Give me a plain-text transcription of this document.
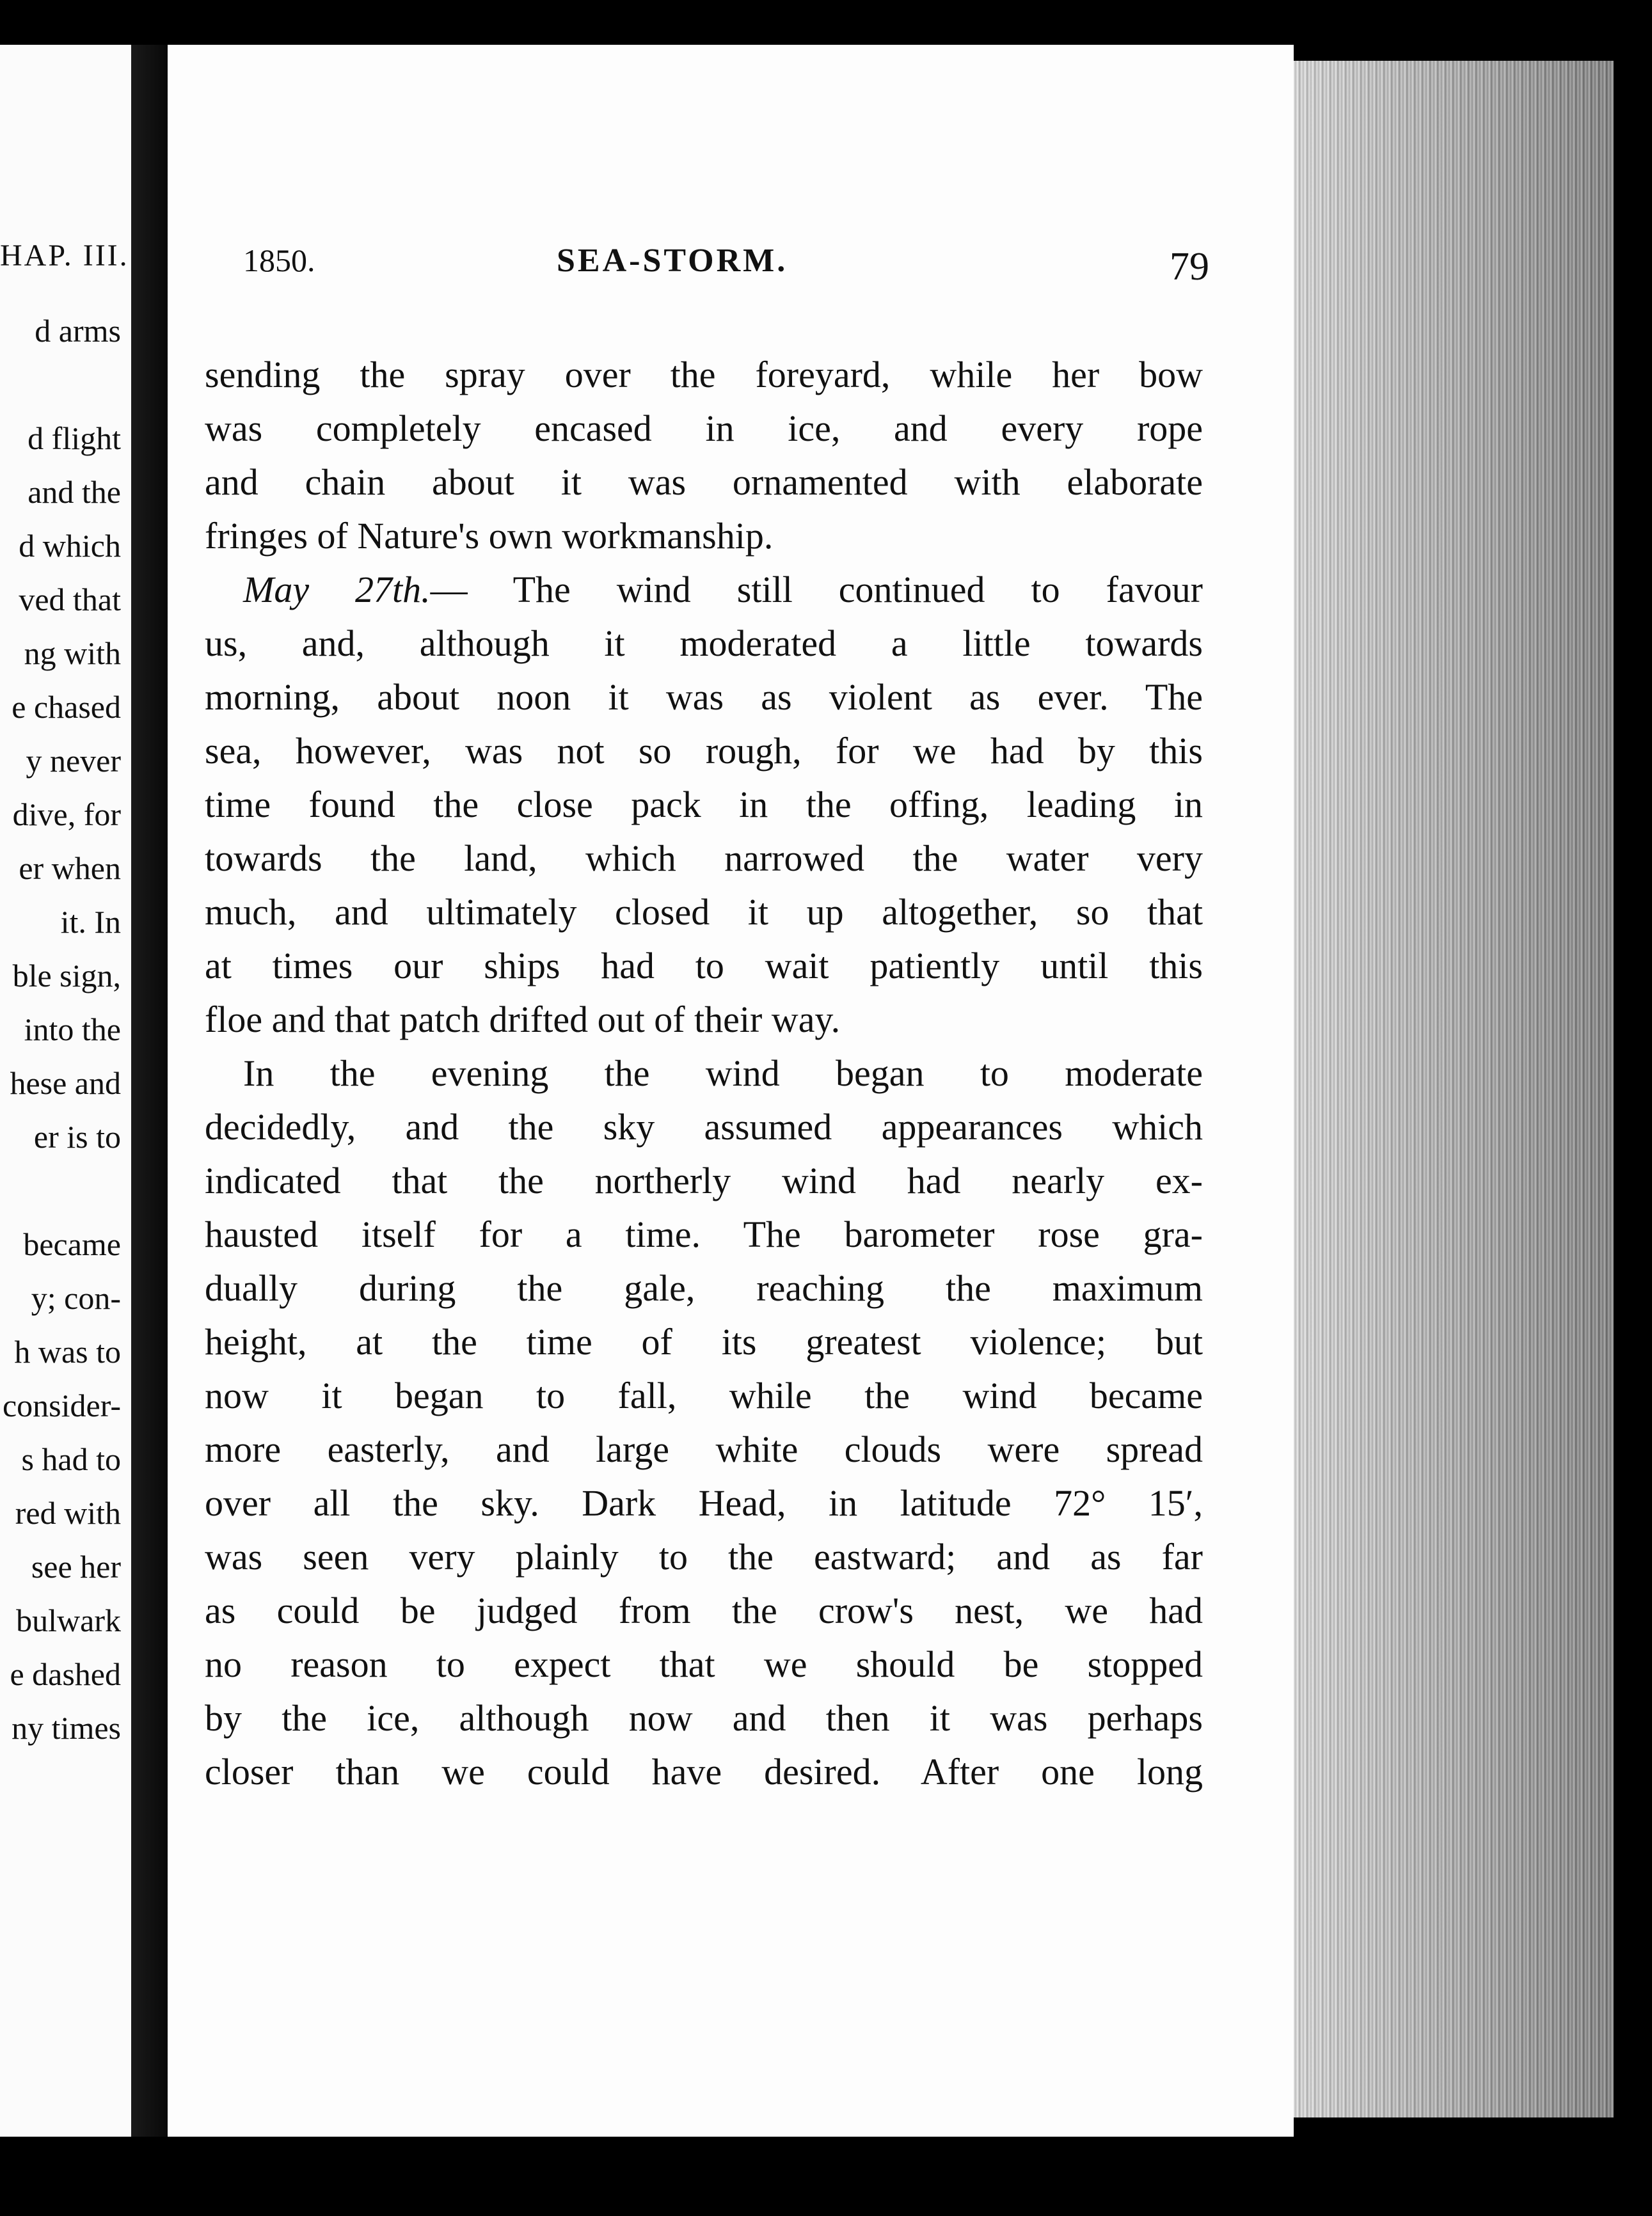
HAP. III.
d arms
d flight
and the
d which
ved that
ng with
e chased
y never
dive, for
er when
it. In
ble sign,
into the
hese and
er is to
became
y; con-
h was to
consider-
s had to
red with
see her
bulwark
e dashed
ny times
1850.	SEA-STORM.	79
sending the spray over the foreyard, while her bow
was completely encased in ice, and every rope
and chain about it was ornamented with elaborate
fringes of Nature's own workmanship.
May 27th.— The wind still continued to favour
us, and, although it moderated a little towards
morning, about noon it was as violent as ever. The
sea, however, was not so rough, for we had by this
time found the close pack in the offing, leading in
towards the land, which narrowed the water very
much, and ultimately closed it up altogether, so that
at times our ships had to wait patiently until this
floe and that patch drifted out of their way.
In the evening the wind began to moderate
decidedly, and the sky assumed appearances which
indicated that the northerly wind had nearly ex-
hausted itself for a time. The barometer rose gra-
dually during the gale, reaching the maximum
height, at the time of its greatest violence; but
now it began to fall, while the wind became
more easterly, and large white clouds were spread
over all the sky. Dark Head, in latitude 72° 15′,
was seen very plainly to the eastward; and as far
as could be judged from the crow's nest, we had
no reason to expect that we should be stopped
by the ice, although now and then it was perhaps
closer than we could have desired. After one long
